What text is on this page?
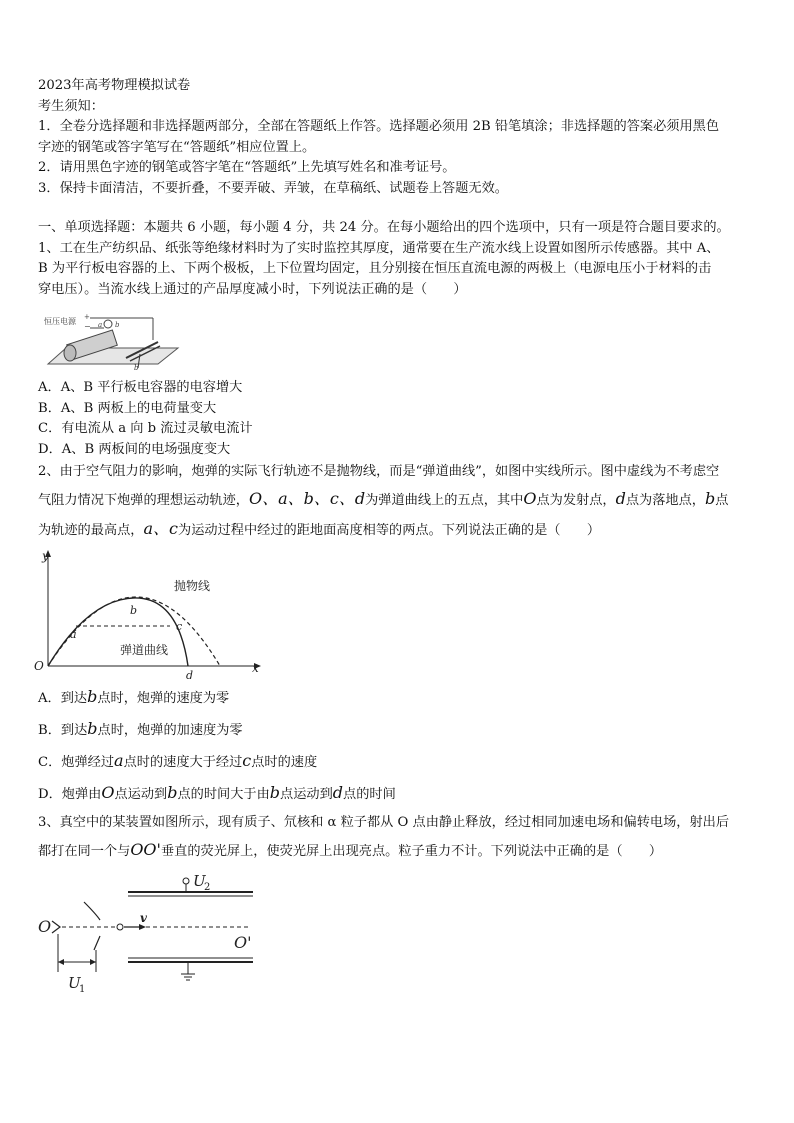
2023年高考物理模拟试卷
考生须知：
1．全卷分选择题和非选择题两部分，全部在答题纸上作答。选择题必须用 2B 铅笔填涂；非选择题的答案必须用黑色
字迹的钢笔或答字笔写在“答题纸”相应位置上。
2．请用黑色字迹的钢笔或答字笔在“答题纸”上先填写姓名和准考证号。
3．保持卡面清洁，不要折叠，不要弄破、弄皱，在草稿纸、试题卷上答题无效。
一、单项选择题：本题共 6 小题，每小题 4 分，共 24 分。在每小题给出的四个选项中，只有一项是符合题目要求的。
1、工在生产纺织品、纸张等绝缘材料时为了实时监控其厚度，通常要在生产流水线上设置如图所示传感器。其中 A、
B 为平行板电容器的上、下两个极板，上下位置均固定，且分别接在恒压直流电源的两极上（电源电压小于材料的击
穿电压）。当流水线上通过的产品厚度减小时，下列说法正确的是（　　）
恒压电源 +
− a b
b
A．A、B 平行板电容器的电容增大
B．A、B 两板上的电荷量变大
C．有电流从 a 向 b 流过灵敏电流计
D．A、B 两板间的电场强度变大
2、由于空气阻力的影响，炮弹的实际飞行轨迹不是抛物线，而是“弹道曲线”，如图中实线所示。图中虚线为不考虑空
气阻力情况下炮弹的理想运动轨迹，O、a、b、c、d为弹道曲线上的五点，其中O点为发射点，d点为落地点，b点
为轨迹的最高点，a、c为运动过程中经过的距地面高度相等的两点。下列说法正确的是（　　）
y
x
O
a
b
c
d
抛物线
弹道曲线
A．到达b点时，炮弹的速度为零
B．到达b点时，炮弹的加速度为零
C．炮弹经过a点时的速度大于经过c点时的速度
D．炮弹由O点运动到b点的时间大于由b点运动到d点的时间
3、真空中的某装置如图所示，现有质子、氘核和 α 粒子都从 O 点由静止释放，经过相同加速电场和偏转电场，射出后
都打在同一个与OO'垂直的荧光屏上，使荧光屏上出现亮点。粒子重力不计。下列说法中正确的是（　　）
U
2
O	v
O'
U
1
